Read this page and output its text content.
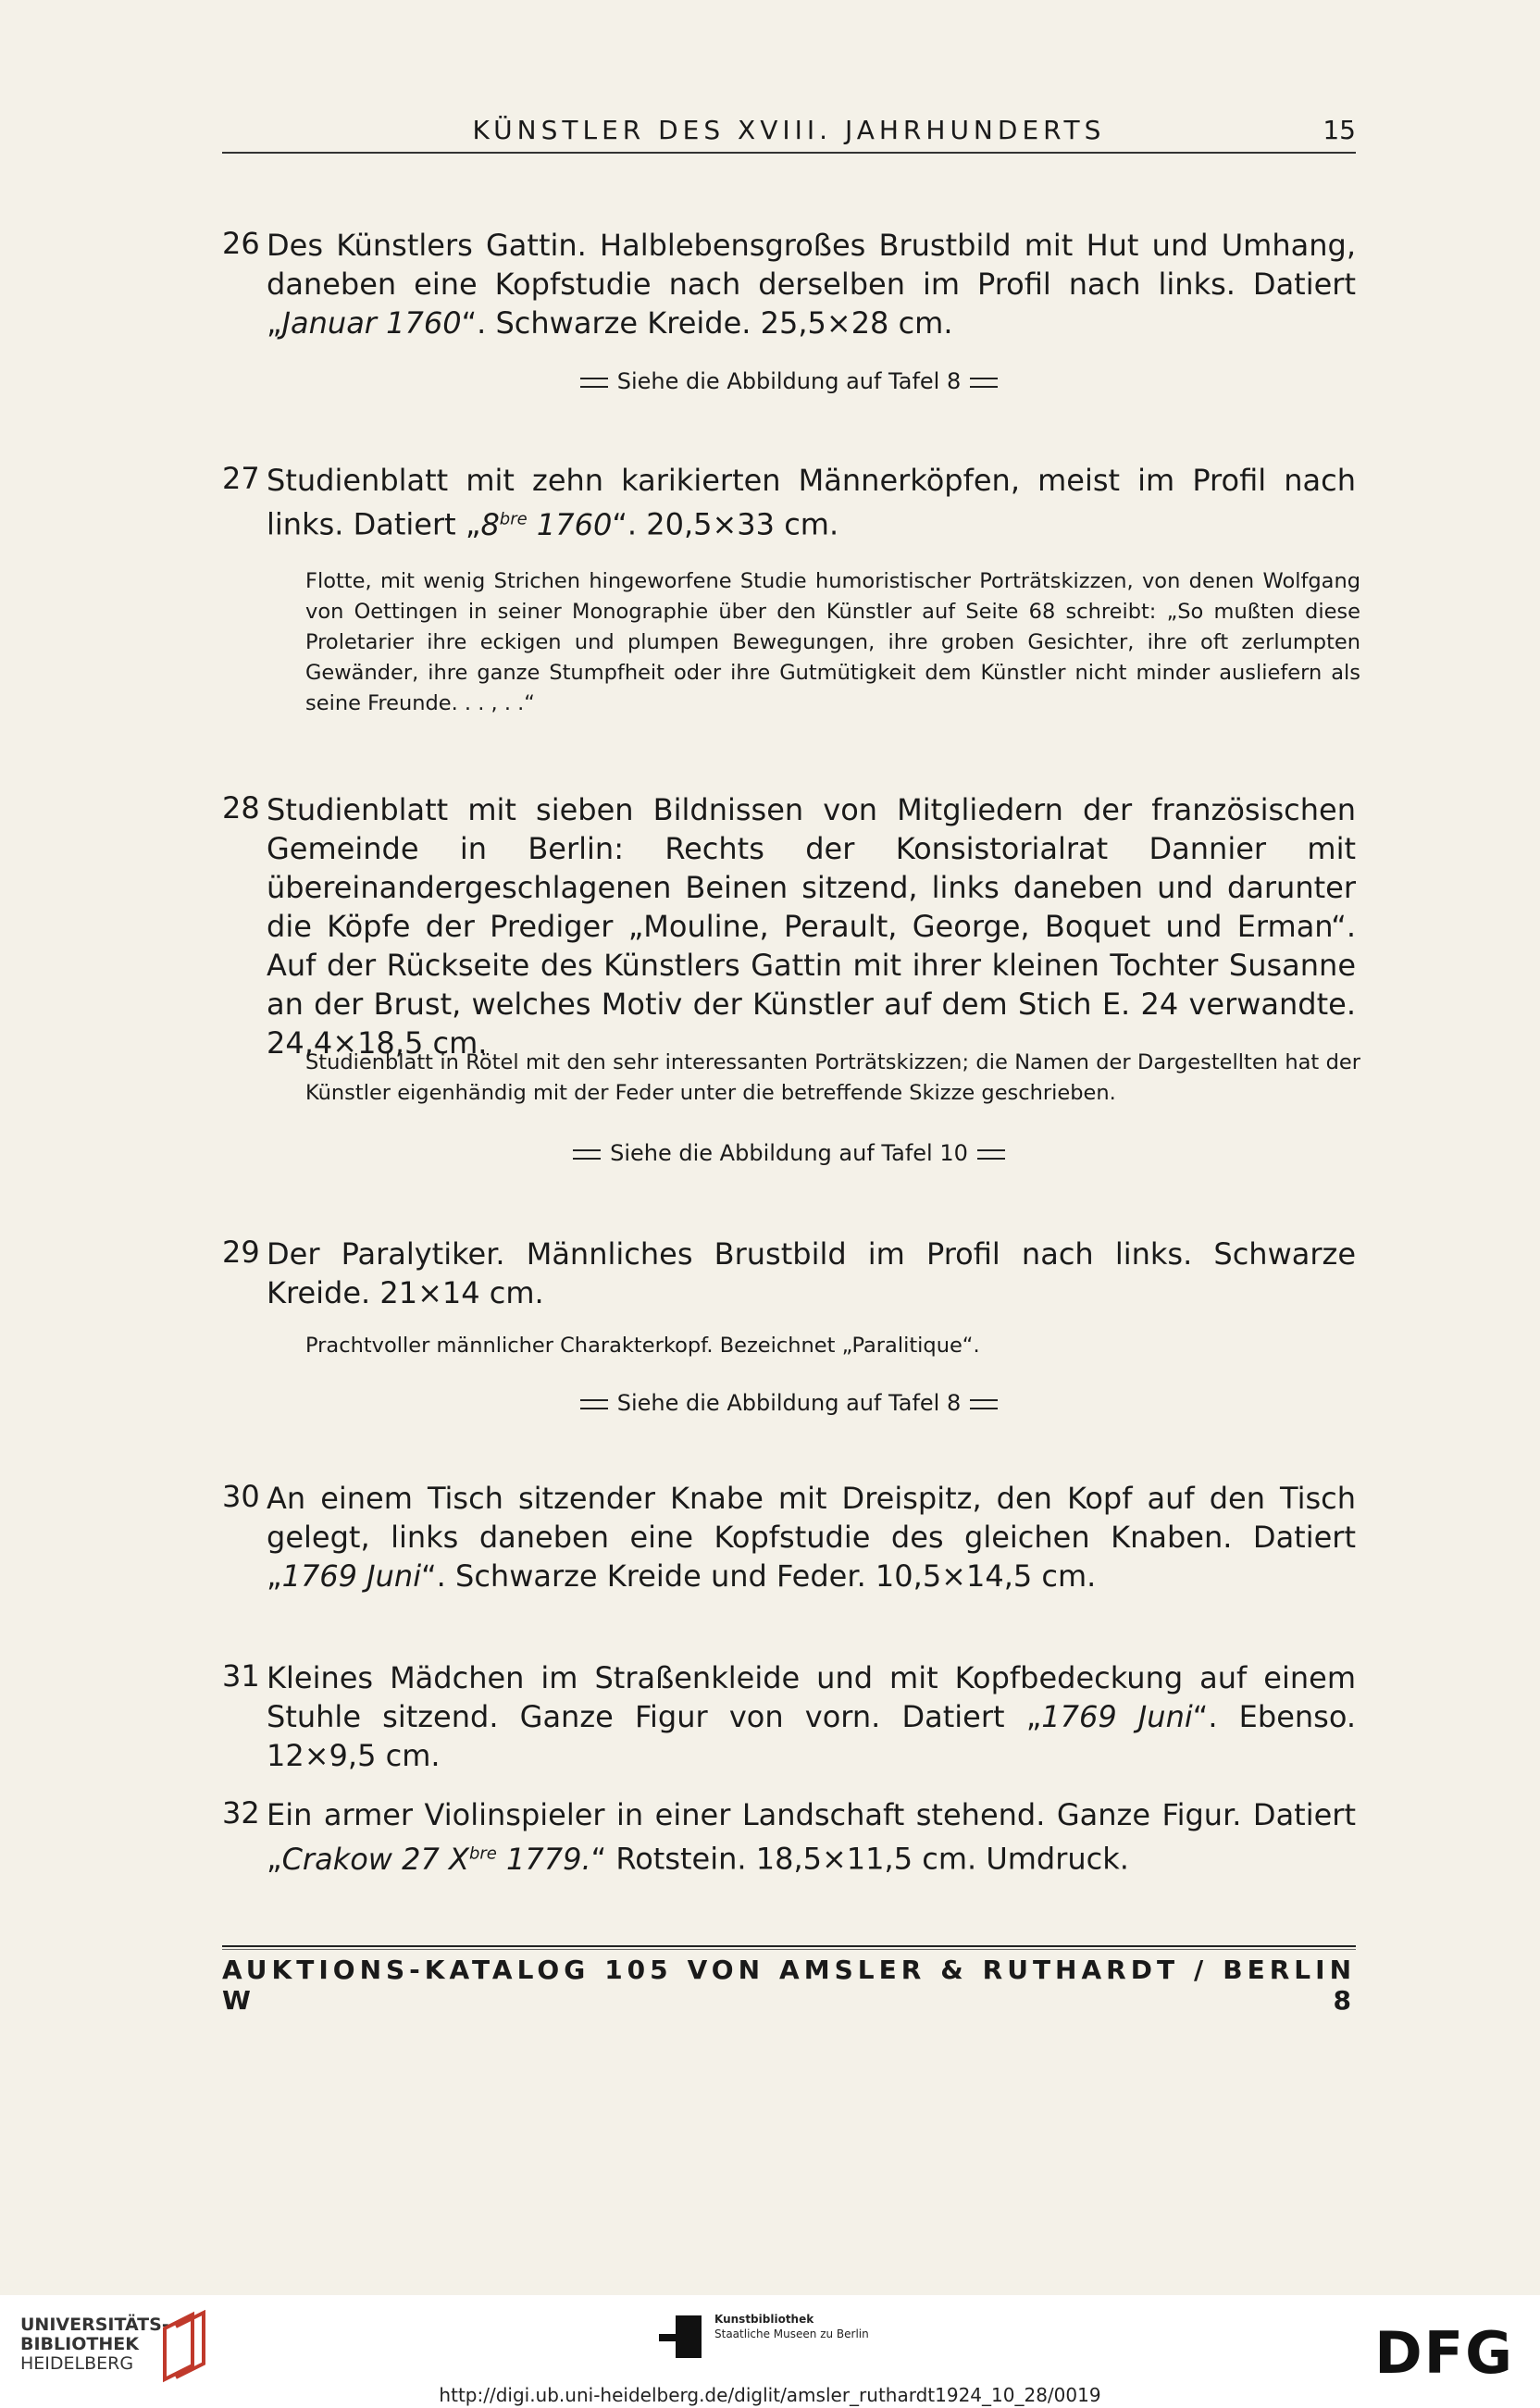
KÜNSTLER DES XVIII. JAHRHUNDERTS	15
26 Des Künstlers Gattin. Halblebensgroßes Brustbild mit Hut und Umhang, daneben eine Kopfstudie nach derselben im Profil nach links. Datiert „Januar 1760“. Schwarze Kreide. 25,5×28 cm.
Siehe die Abbildung auf Tafel 8
27 Studienblatt mit zehn karikierten Männerköpfen, meist im Profil nach links. Datiert $„8^{bre}$ 1760“. 20,5×33 cm.
Flotte, mit wenig Strichen hingeworfene Studie humoristischer Porträtskizzen, von denen Wolfgang von Oettingen in seiner Monographie über den Künstler auf Seite 68 schreibt: „So mußten diese Proletarier ihre eckigen und plumpen Bewegungen, ihre groben Gesichter, ihre oft zerlumpten Gewänder, ihre ganze Stumpfheit oder ihre Gutmütigkeit dem Künstler nicht minder ausliefern als seine Freunde. . . , . .“
28 Studienblatt mit sieben Bildnissen von Mitgliedern der französischen Gemeinde in Berlin: Rechts der Konsistorialrat Dannier mit übereinandergeschlagenen Beinen sitzend, links daneben und darunter die Köpfe der Prediger „Mouline, Perault, George, Boquet und Erman“. Auf der Rückseite des Künstlers Gattin mit ihrer kleinen Tochter Susanne an der Brust, welches Motiv der Künstler auf dem Stich E. 24 verwandte. 24,4×18,5 cm.
Studienblatt in Rötel mit den sehr interessanten Porträtskizzen; die Namen der Dargestellten hat der Künstler eigenhändig mit der Feder unter die betreffende Skizze geschrieben.
Siehe die Abbildung auf Tafel 10
29 Der Paralytiker. Männliches Brustbild im Profil nach links. Schwarze Kreide. 21×14 cm.
Prachtvoller männlicher Charakterkopf. Bezeichnet „Paralitique“.
Siehe die Abbildung auf Tafel 8
30 An einem Tisch sitzender Knabe mit Dreispitz, den Kopf auf den Tisch gelegt, links daneben eine Kopfstudie des gleichen Knaben. Datiert „1769 Juni“. Schwarze Kreide und Feder. 10,5×14,5 cm.
31 Kleines Mädchen im Straßenkleide und mit Kopfbedeckung auf einem Stuhle sitzend. Ganze Figur von vorn. Datiert „1769 Juni“. Ebenso. 12×9,5 cm.
32 Ein armer Violinspieler in einer Landschaft stehend. Ganze Figur. Datiert „Crakow 27 $X^{bre}$ 1779.“ Rotstein. 18,5×11,5 cm. Umdruck.
AUKTIONS-KATALOG 105 VON AMSLER & RUTHARDT / BERLIN W 8
UNIVERSITÄTS-
BIBLIOTHEK
HEIDELBERG
Kunstbibliothek
Staatliche Museen zu Berlin	DFG
http://digi.ub.uni-heidelberg.de/diglit/amsler_ruthardt1924_10_28/0019
